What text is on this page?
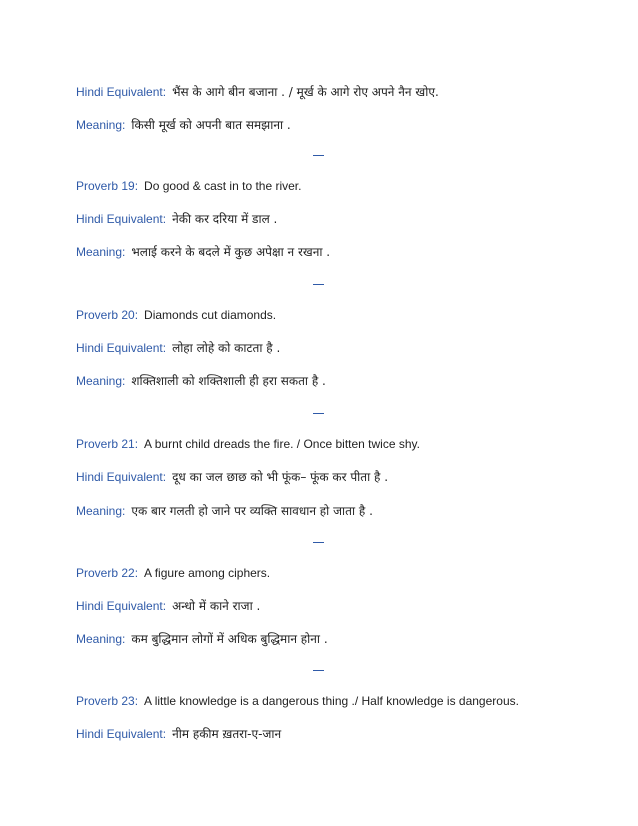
Hindi Equivalent: भैंस के आगे बीन बजाना . / मूर्ख के आगे रोए अपने नैन खोए.
Meaning: किसी मूर्ख को अपनी बात समझाना .
Proverb 19: Do good & cast in to the river.
Hindi Equivalent: नेकी कर दरिया में डाल .
Meaning: भलाई करने के बदले में कुछ अपेक्षा न रखना .
Proverb 20: Diamonds cut diamonds.
Hindi Equivalent: लोहा लोहे को काटता है .
Meaning: शक्तिशाली को शक्तिशाली ही हरा सकता है .
Proverb 21: A burnt child dreads the fire. / Once bitten twice shy.
Hindi Equivalent: दूध का जल छाछ को भी फूंक– फूंक कर पीता है .
Meaning: एक बार गलती हो जाने पर व्यक्ति सावधान हो जाता है .
Proverb 22: A figure among ciphers.
Hindi Equivalent: अन्धो में काने राजा .
Meaning: कम बुद्धिमान लोगों में अधिक बुद्धिमान होना .
Proverb 23: A little knowledge is a dangerous thing ./ Half knowledge is dangerous.
Hindi Equivalent: नीम हकीम ख़तरा-ए-जान
